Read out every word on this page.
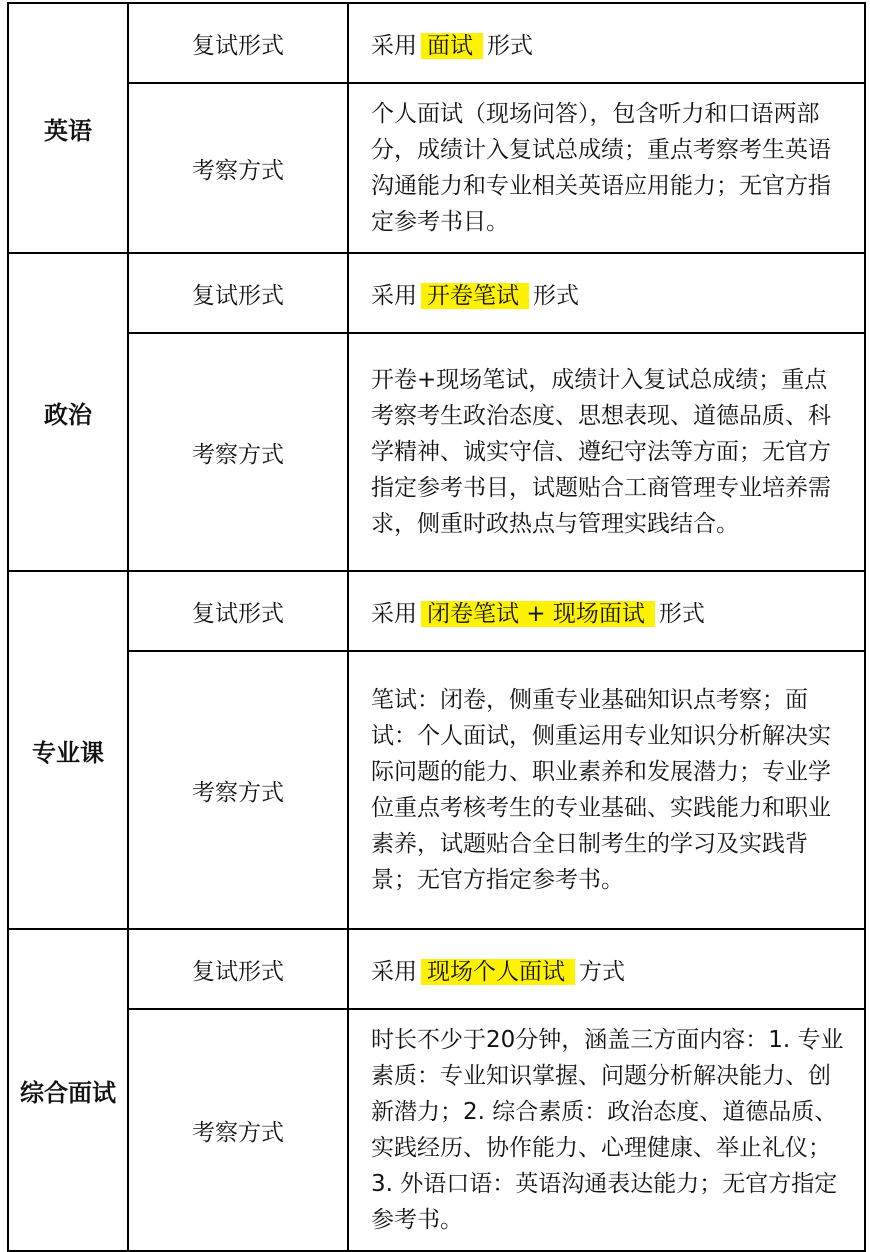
英语	复试形式	采用 面试 形式
	考察方式	个人面试（现场问答），包含听力和口语两部分，成绩计入复试总成绩；重点考察考生英语沟通能力和专业相关英语应用能力；无官方指定参考书目。
政治	复试形式	采用 开卷笔试 形式
	考察方式	开卷+现场笔试，成绩计入复试总成绩；重点考察考生政治态度、思想表现、道德品质、科学精神、诚实守信、遵纪守法等方面；无官方指定参考书目，试题贴合工商管理专业培养需求，侧重时政热点与管理实践结合。
专业课	复试形式	采用 闭卷笔试 + 现场面试 形式
	考察方式	笔试：闭卷，侧重专业基础知识点考察；面试：个人面试，侧重运用专业知识分析解决实际问题的能力、职业素养和发展潜力；专业学位重点考核考生的专业基础、实践能力和职业素养，试题贴合全日制考生的学习及实践背景；无官方指定参考书。
综合面试	复试形式	采用 现场个人面试 方式
	考察方式	时长不少于20分钟，涵盖三方面内容：1. 专业素质：专业知识掌握、问题分析解决能力、创新潜力；2. 综合素质：政治态度、道德品质、实践经历、协作能力、心理健康、举止礼仪；3. 外语口语：英语沟通表达能力；无官方指定参考书。
